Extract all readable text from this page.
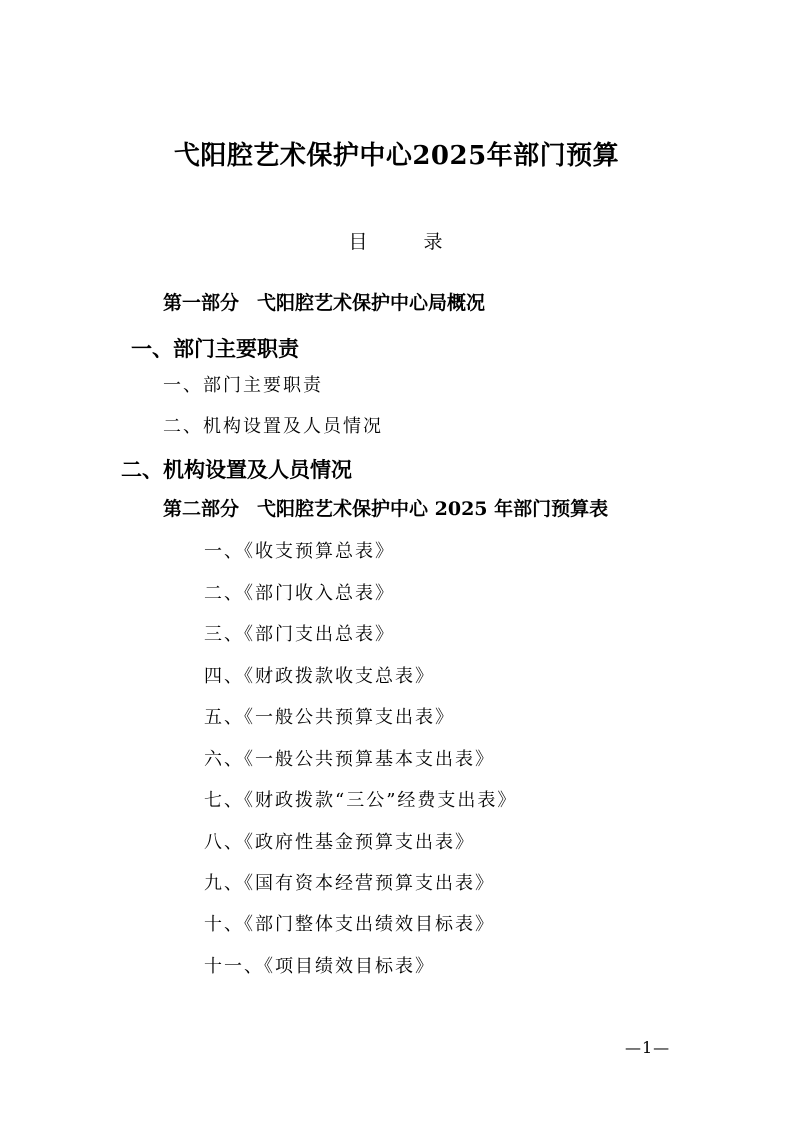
弋阳腔艺术保护中心2025年部门预算
目	录
第一部分 弋阳腔艺术保护中心局概况
一、部门主要职责
一、部门主要职责
二、机构设置及人员情况
二、机构设置及人员情况
第二部分 弋阳腔艺术保护中心 2025 年部门预算表
一、《收支预算总表》
二、《部门收入总表》
三、《部门支出总表》
四、《财政拨款收支总表》
五、《一般公共预算支出表》
六、《一般公共预算基本支出表》
七、《财政拨款“三公”经费支出表》
八、《政府性基金预算支出表》
九、《国有资本经营预算支出表》
十、《部门整体支出绩效目标表》
十一、《项目绩效目标表》
—1—
